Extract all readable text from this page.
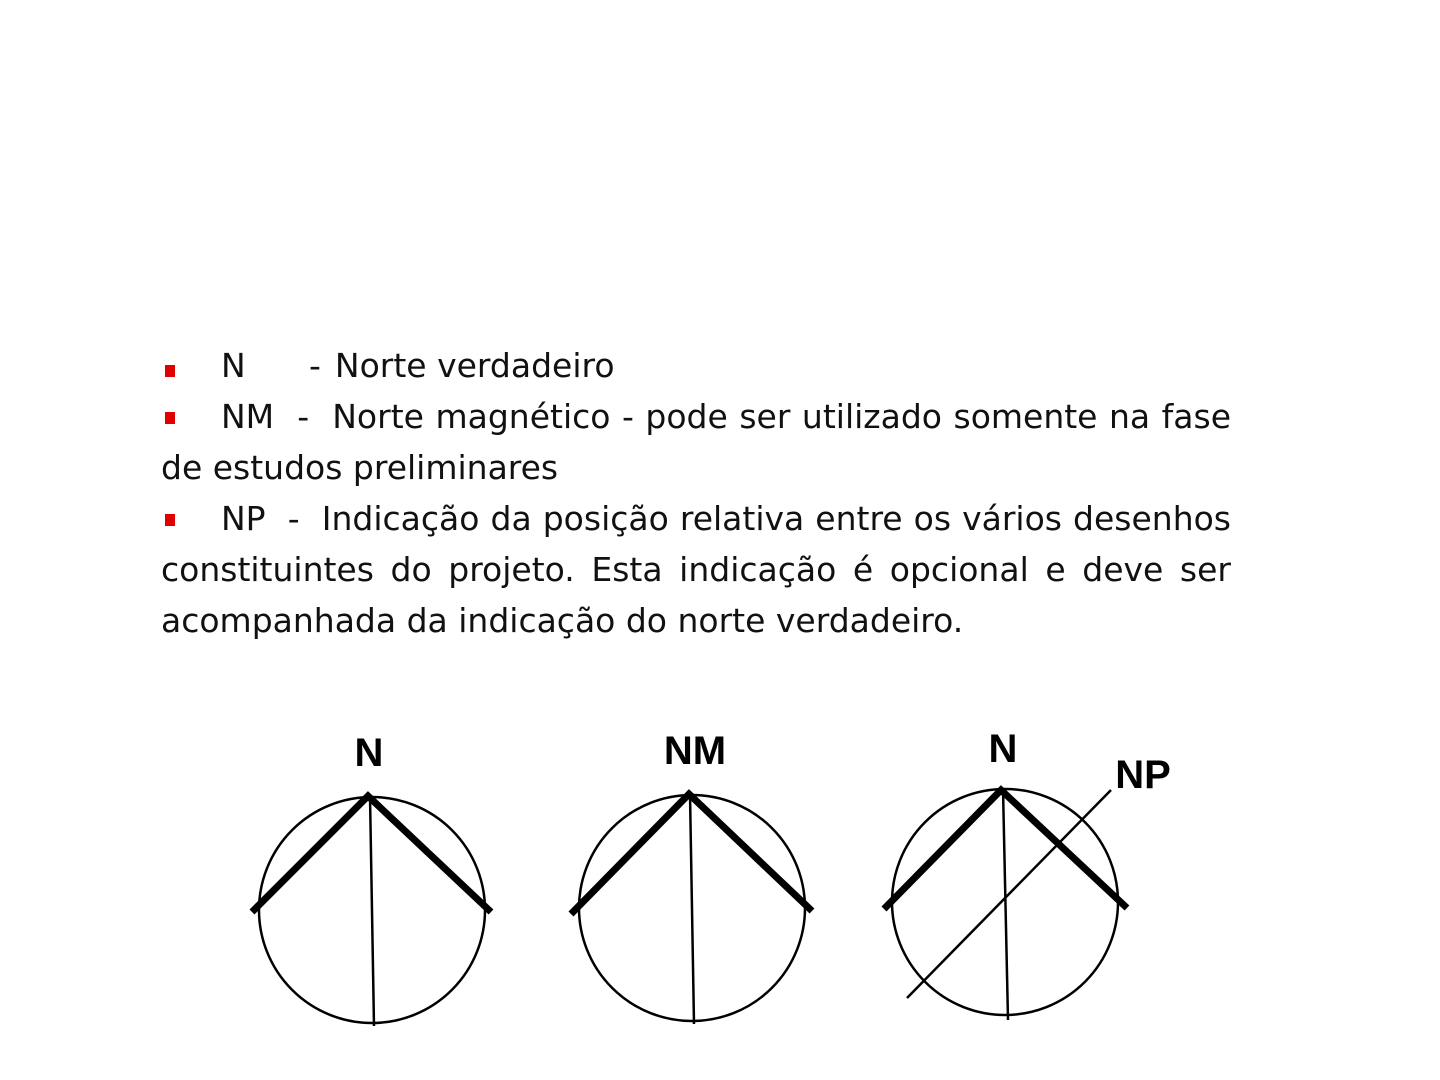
N	- Norte verdadeiro

NM - Norte magnético - pode ser utilizado somente na fase de estudos preliminares

NP - Indicação da posição relativa entre os vários desenhos constituintes do projeto. Esta indicação é opcional e deve ser acompanhada da indicação do norte verdadeiro.

N	NM	N
NP
